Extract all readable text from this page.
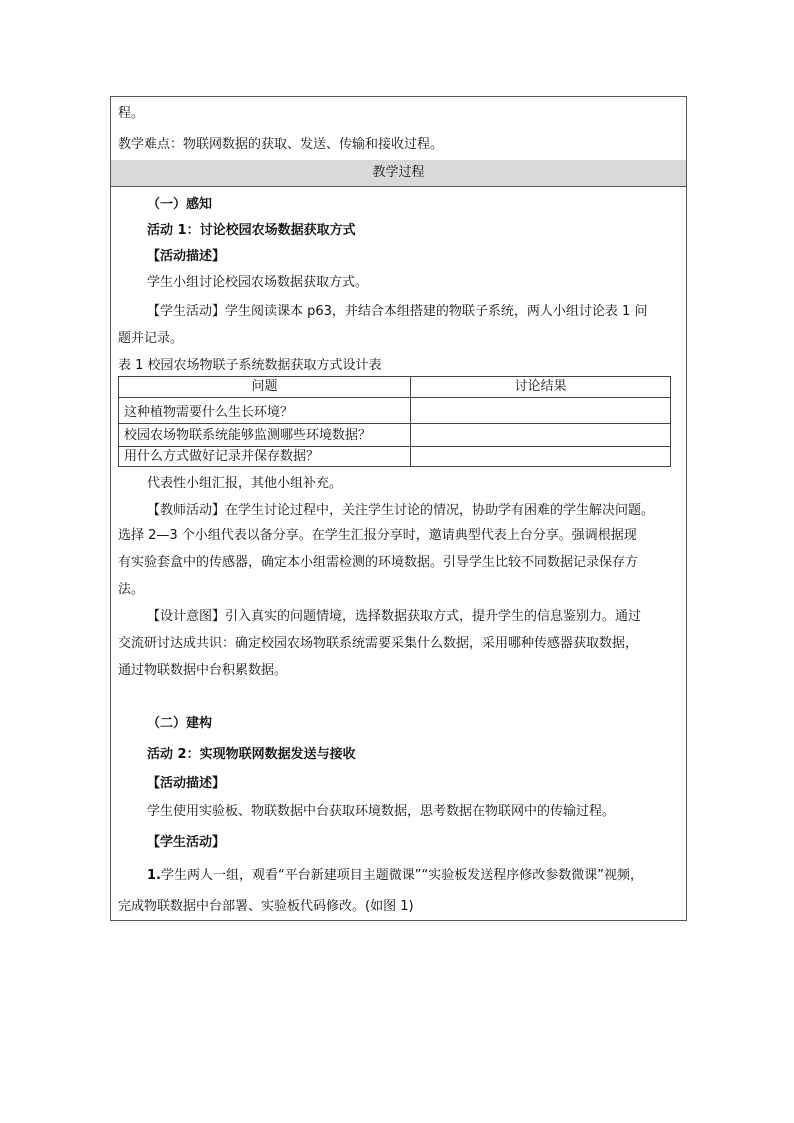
程。
教学难点：物联网数据的获取、发送、传输和接收过程。
教学过程
（一）感知
活动 1：讨论校园农场数据获取方式
【活动描述】
学生小组讨论校园农场数据获取方式。
【学生活动】学生阅读课本 p63，并结合本组搭建的物联子系统，两人小组讨论表 1 问
题并记录。
表 1 校园农场物联子系统数据获取方式设计表
问题	讨论结果
这种植物需要什么生长环境？
校园农场物联系统能够监测哪些环境数据？
用什么方式做好记录并保存数据？
代表性小组汇报，其他小组补充。
【教师活动】在学生讨论过程中，关注学生讨论的情况，协助学有困难的学生解决问题。
选择 2—3 个小组代表以备分享。在学生汇报分享时，邀请典型代表上台分享。强调根据现
有实验套盒中的传感器，确定本小组需检测的环境数据。引导学生比较不同数据记录保存方
法。
【设计意图】引入真实的问题情境，选择数据获取方式，提升学生的信息鉴别力。通过
交流研讨达成共识：确定校园农场物联系统需要采集什么数据，采用哪种传感器获取数据，
通过物联数据中台积累数据。
（二）建构
活动 2：实现物联网数据发送与接收
【活动描述】
学生使用实验板、物联数据中台获取环境数据，思考数据在物联网中的传输过程。
【学生活动】
1. 学生两人一组，观看“平台新建项目主题微课”“实验板发送程序修改参数微课”视频，
完成物联数据中台部署、实验板代码修改。(如图 1)
